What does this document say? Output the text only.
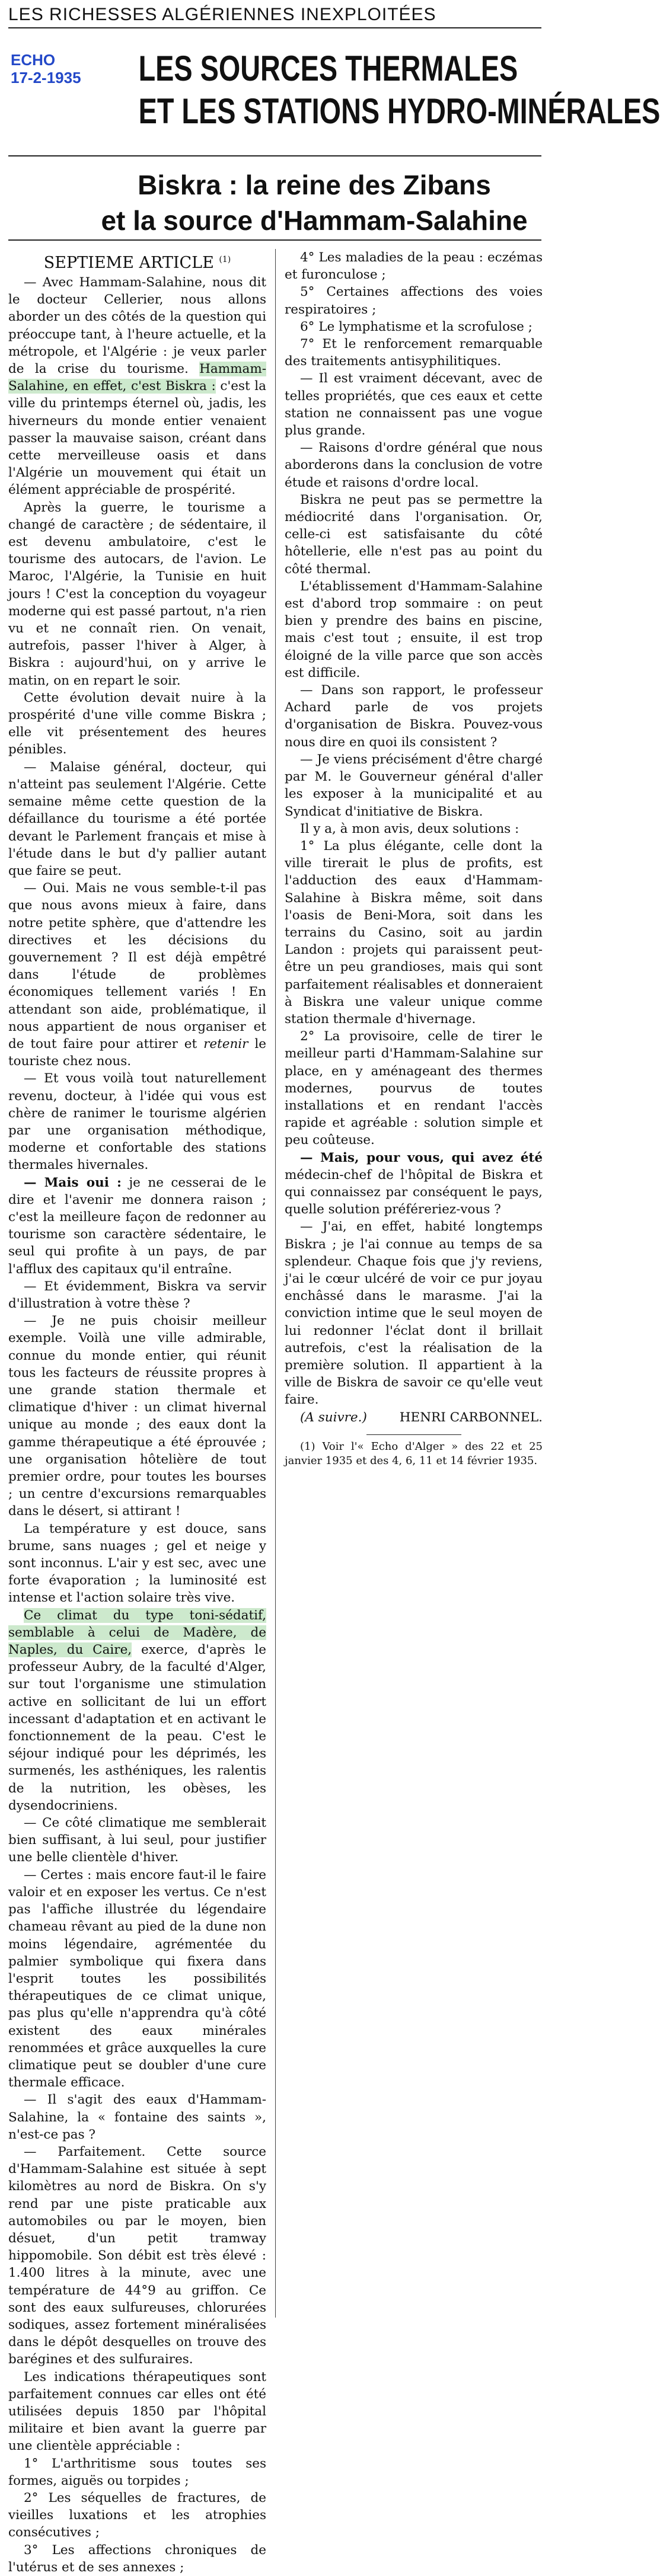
LES RICHESSES ALGÉRIENNES INEXPLOITÉES
ECHO
17-2-1935 LES SOURCES THERMALES
ET LES STATIONS HYDRO-MINÉRALES
Biskra : la reine des Zibans
et la source d'Hammam-Salahine

SEPTIEME ARTICLE $^{(1)}$

— Avec Hammam-Salahine, nous dit le docteur Cellerier, nous allons aborder un des côtés de la question qui préoccupe tant, à l'heure actuelle, et la métropole, et l'Algérie : je veux parler de la crise du tourisme. Hammam-Salahine, en effet, c'est Biskra : c'est la ville du printemps éternel où, jadis, les hiverneurs du monde entier venaient passer la mauvaise saison, créant dans cette merveilleuse oasis et dans l'Algérie un mouvement qui était un élément appréciable de prospérité.

Après la guerre, le tourisme a changé de caractère ; de sédentaire, il est devenu ambulatoire, c'est le tourisme des autocars, de l'avion. Le Maroc, l'Algérie, la Tunisie en huit jours ! C'est la conception du voyageur moderne qui est passé partout, n'a rien vu et ne connaît rien. On venait, autrefois, passer l'hiver à Alger, à Biskra : aujourd'hui, on y arrive le matin, on en repart le soir.

Cette évolution devait nuire à la prospérité d'une ville comme Biskra ; elle vit présentement des heures pénibles.

— Malaise général, docteur, qui n'atteint pas seulement l'Algérie. Cette semaine même cette question de la défaillance du tourisme a été portée devant le Parlement français et mise à l'étude dans le but d'y pallier autant que faire se peut.

— Oui. Mais ne vous semble-t-il pas que nous avons mieux à faire, dans notre petite sphère, que d'attendre les directives et les décisions du gouvernement ? Il est déjà empêtré dans l'étude de problèmes économiques tellement variés ! En attendant son aide, problématique, il nous appartient de nous organiser et de tout faire pour attirer et retenir le touriste chez nous.

— Et vous voilà tout naturellement revenu, docteur, à l'idée qui vous est chère de ranimer le tourisme algérien par une organisation méthodique, moderne et confortable des stations thermales hivernales.

— Mais oui : je ne cesserai de le dire et l'avenir me donnera raison ; c'est la meilleure façon de redonner au tourisme son caractère sédentaire, le seul qui profite à un pays, de par l'afflux des capitaux qu'il entraîne.

— Et évidemment, Biskra va servir d'illustration à votre thèse ?

— Je ne puis choisir meilleur exemple. Voilà une ville admirable, connue du monde entier, qui réunit tous les facteurs de réussite propres à une grande station thermale et climatique d'hiver : un climat hivernal unique au monde ; des eaux dont la gamme thérapeutique a été éprouvée ; une organisation hôtelière de tout premier ordre, pour toutes les bourses ; un centre d'excursions remarquables dans le désert, si attirant !

La température y est douce, sans brume, sans nuages ; gel et neige y sont inconnus. L'air y est sec, avec une forte évaporation ; la luminosité est intense et l'action solaire très vive.

Ce climat du type toni-sédatif, semblable à celui de Madère, de Naples, du Caire, exerce, d'après le professeur Aubry, de la faculté d'Alger, sur tout l'organisme une stimulation active en sollicitant de lui un effort incessant d'adaptation et en activant le fonctionnement de la peau. C'est le séjour indiqué pour les déprimés, les surmenés, les asthéniques, les ralentis de la nutrition, les obèses, les dysendocriniens.

— Ce côté climatique me semblerait bien suffisant, à lui seul, pour justifier une belle clientèle d'hiver.

— Certes : mais encore faut-il le faire valoir et en exposer les vertus. Ce n'est pas l'affiche illustrée du légendaire chameau rêvant au pied de la dune non moins légendaire, agrémentée du palmier symbolique qui fixera dans l'esprit toutes les possibilités thérapeutiques de ce climat unique, pas plus qu'elle n'apprendra qu'à côté existent des eaux minérales renommées et grâce auxquelles la cure climatique peut se doubler d'une cure thermale efficace.

— Il s'agit des eaux d'Hammam-Salahine, la « fontaine des saints », n'est-ce pas ?

— Parfaitement. Cette source d'Hammam-Salahine est située à sept kilomètres au nord de Biskra. On s'y rend par une piste praticable aux automobiles ou par le moyen, bien désuet, d'un petit tramway hippomobile. Son débit est très élevé : 1.400 litres à la minute, avec une température de 44°9 au griffon. Ce sont des eaux sulfureuses, chlorurées sodiques, assez fortement minéralisées dans le dépôt desquelles on trouve des barégines et des sulfuraires.

Les indications thérapeutiques sont parfaitement connues car elles ont été utilisées depuis 1850 par l'hôpital militaire et bien avant la guerre par une clientèle appréciable :

1° L'arthritisme sous toutes ses formes, aiguës ou torpides ;

2° Les séquelles de fractures, de vieilles luxations et les atrophies consécutives ;

3° Les affections chroniques de l'utérus et de ses annexes ;

4° Les maladies de la peau : eczémas et furonculose ;

5° Certaines affections des voies respiratoires ;

6° Le lymphatisme et la scrofulose ;

7° Et le renforcement remarquable des traitements antisyphilitiques.

— Il est vraiment décevant, avec de telles propriétés, que ces eaux et cette station ne connaissent pas une vogue plus grande.

— Raisons d'ordre général que nous aborderons dans la conclusion de votre étude et raisons d'ordre local.

Biskra ne peut pas se permettre la médiocrité dans l'organisation. Or, celle-ci est satisfaisante du côté hôtellerie, elle n'est pas au point du côté thermal.

L'établissement d'Hammam-Salahine est d'abord trop sommaire : on peut bien y prendre des bains en piscine, mais c'est tout ; ensuite, il est trop éloigné de la ville parce que son accès est difficile.

— Dans son rapport, le professeur Achard parle de vos projets d'organisation de Biskra. Pouvez-vous nous dire en quoi ils consistent ?

— Je viens précisément d'être chargé par M. le Gouverneur général d'aller les exposer à la municipalité et au Syndicat d'initiative de Biskra.

Il y a, à mon avis, deux solutions :

1° La plus élégante, celle dont la ville tirerait le plus de profits, est l'adduction des eaux d'Hammam-Salahine à Biskra même, soit dans l'oasis de Beni-Mora, soit dans les terrains du Casino, soit au jardin Landon : projets qui paraissent peut-être un peu grandioses, mais qui sont parfaitement réalisables et donneraient à Biskra une valeur unique comme station thermale d'hivernage.

2° La provisoire, celle de tirer le meilleur parti d'Hammam-Salahine sur place, en y aménageant des thermes modernes, pourvus de toutes installations et en rendant l'accès rapide et agréable : solution simple et peu coûteuse.

— Mais, pour vous, qui avez été médecin-chef de l'hôpital de Biskra et qui connaissez par conséquent le pays, quelle solution préféreriez-vous ?

— J'ai, en effet, habité longtemps Biskra ; je l'ai connue au temps de sa splendeur. Chaque fois que j'y reviens, j'ai le cœur ulcéré de voir ce pur joyau enchâssé dans le marasme. J'ai la conviction intime que le seul moyen de lui redonner l'éclat dont il brillait autrefois, c'est la réalisation de la première solution. Il appartient à la ville de Biskra de savoir ce qu'elle veut faire.

(A suivre.)	HENRI CARBONNEL.

(1) Voir l'« Echo d'Alger » des 22 et 25 janvier 1935 et des 4, 6, 11 et 14 février 1935.
